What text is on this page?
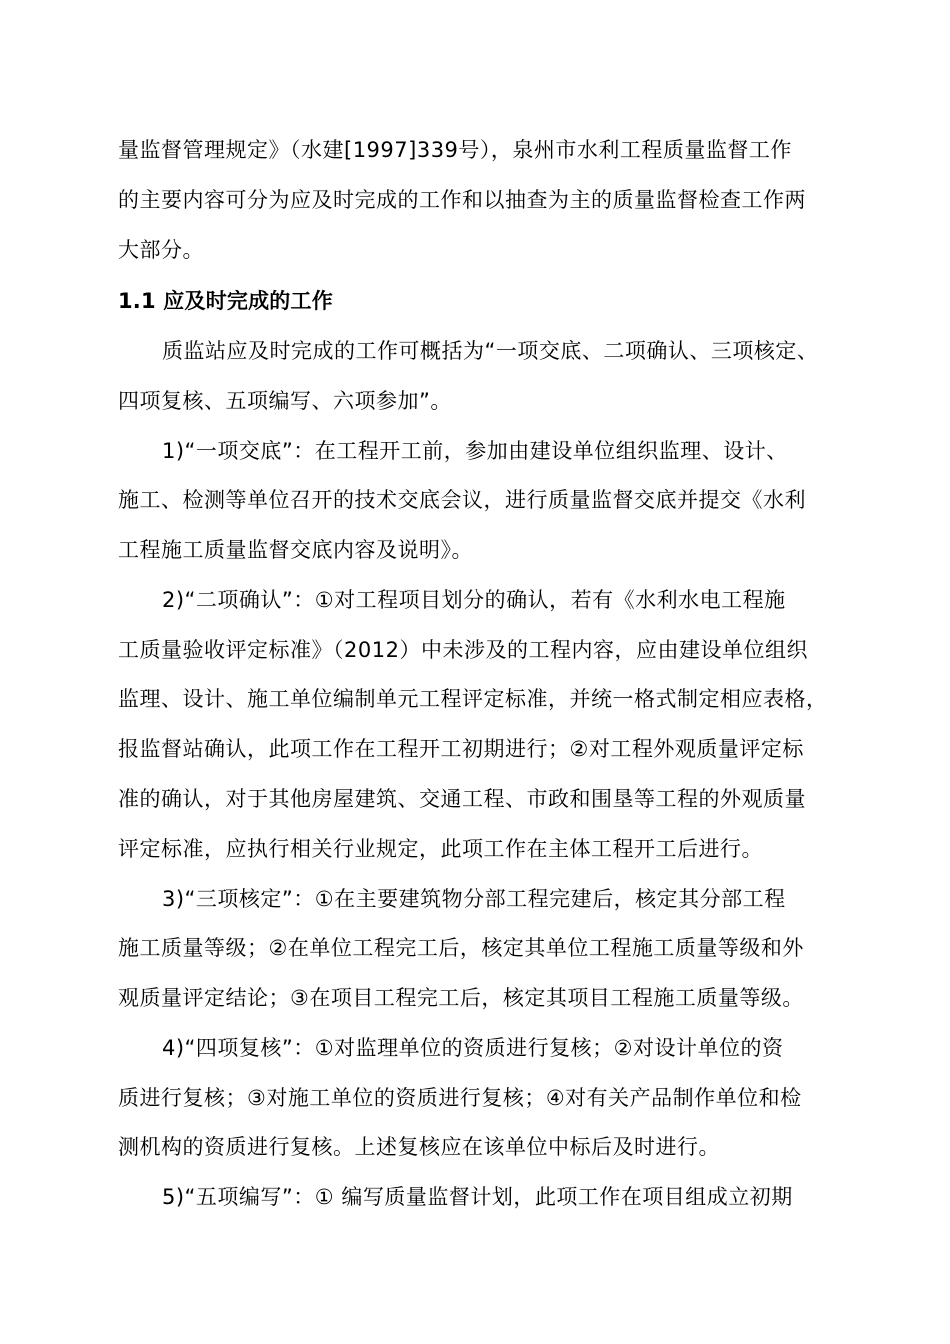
量监督管理规定》（水建[1997]339号），泉州市水利工程质量监督工作
的主要内容可分为应及时完成的工作和以抽查为主的质量监督检查工作两
大部分。
1.1 应及时完成的工作
质监站应及时完成的工作可概括为“一项交底、二项确认、三项核定、
四项复核、五项编写、六项参加”。
1)“一项交底”：在工程开工前，参加由建设单位组织监理、设计、
施工、检测等单位召开的技术交底会议，进行质量监督交底并提交《水利
工程施工质量监督交底内容及说明》。
2)“二项确认”：①对工程项目划分的确认，若有《水利水电工程施
工质量验收评定标准》（2012）中未涉及的工程内容，应由建设单位组织
监理、设计、施工单位编制单元工程评定标准，并统一格式制定相应表格，
报监督站确认，此项工作在工程开工初期进行；②对工程外观质量评定标
准的确认，对于其他房屋建筑、交通工程、市政和围垦等工程的外观质量
评定标准，应执行相关行业规定，此项工作在主体工程开工后进行。
3)“三项核定”：①在主要建筑物分部工程完建后，核定其分部工程
施工质量等级；②在单位工程完工后，核定其单位工程施工质量等级和外
观质量评定结论；③在项目工程完工后，核定其项目工程施工质量等级。
4)“四项复核”：①对监理单位的资质进行复核；②对设计单位的资
质进行复核；③对施工单位的资质进行复核；④对有关产品制作单位和检
测机构的资质进行复核。上述复核应在该单位中标后及时进行。
5)“五项编写”：① 编写质量监督计划，此项工作在项目组成立初期
